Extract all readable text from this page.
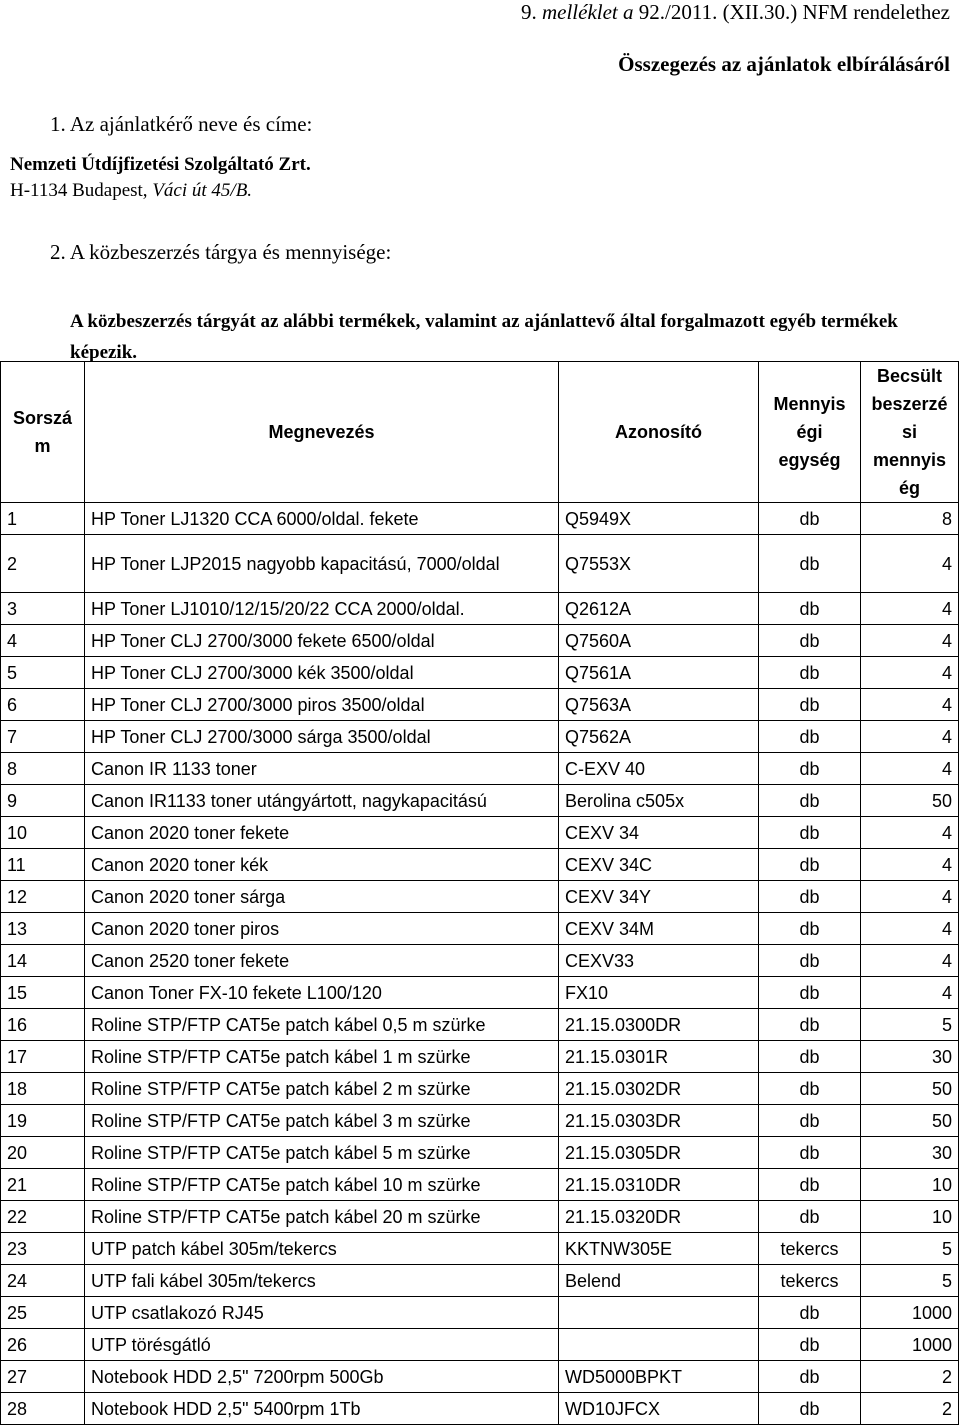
9. melléklet a 92./2011. (XII.30.) NFM rendelethez
Összegezés az ajánlatok elbírálásáról
1. Az ajánlatkérő neve és címe:
Nemzeti Útdíjfizetési Szolgáltató Zrt.
H-1134 Budapest, Váci út 45/B.
2. A közbeszerzés tárgya és mennyisége:
A közbeszerzés tárgyát az alábbi termékek, valamint az ajánlattevő által forgalmazott egyéb termékek képezik.
Sorszá m	Megnevezés	Azonosító	Mennyis égi egység	Becsült beszerzé si mennyis ég
1	HP Toner LJ1320 CCA 6000/oldal. fekete	Q5949X	db	8
2	HP Toner LJP2015 nagyobb kapacitású, 7000/oldal	Q7553X	db	4
3	HP Toner LJ1010/12/15/20/22 CCA 2000/oldal.	Q2612A	db	4
4	HP Toner CLJ 2700/3000 fekete 6500/oldal	Q7560A	db	4
5	HP Toner CLJ 2700/3000 kék 3500/oldal	Q7561A	db	4
6	HP Toner CLJ 2700/3000 piros 3500/oldal	Q7563A	db	4
7	HP Toner CLJ 2700/3000 sárga 3500/oldal	Q7562A	db	4
8	Canon IR 1133 toner	C-EXV 40	db	4
9	Canon IR1133 toner utángyártott, nagykapacitású	Berolina c505x	db	50
10	Canon 2020 toner fekete	CEXV 34	db	4
11	Canon 2020 toner kék	CEXV 34C	db	4
12	Canon 2020 toner sárga	CEXV 34Y	db	4
13	Canon 2020 toner piros	CEXV 34M	db	4
14	Canon 2520 toner fekete	CEXV33	db	4
15	Canon Toner FX-10 fekete L100/120	FX10	db	4
16	Roline STP/FTP CAT5e patch kábel 0,5 m szürke	21.15.0300DR	db	5
17	Roline STP/FTP CAT5e patch kábel 1 m szürke	21.15.0301R	db	30
18	Roline STP/FTP CAT5e patch kábel 2 m szürke	21.15.0302DR	db	50
19	Roline STP/FTP CAT5e patch kábel 3 m szürke	21.15.0303DR	db	50
20	Roline STP/FTP CAT5e patch kábel 5 m szürke	21.15.0305DR	db	30
21	Roline STP/FTP CAT5e patch kábel 10 m szürke	21.15.0310DR	db	10
22	Roline STP/FTP CAT5e patch kábel 20 m szürke	21.15.0320DR	db	10
23	UTP patch kábel 305m/tekercs	KKTNW305E	tekercs	5
24	UTP fali kábel 305m/tekercs	Belend	tekercs	5
25	UTP csatlakozó RJ45		db	1000
26	UTP törésgátló		db	1000
27	Notebook HDD 2,5" 7200rpm 500Gb	WD5000BPKT	db	2
28	Notebook HDD 2,5" 5400rpm 1Tb	WD10JFCX	db	2
